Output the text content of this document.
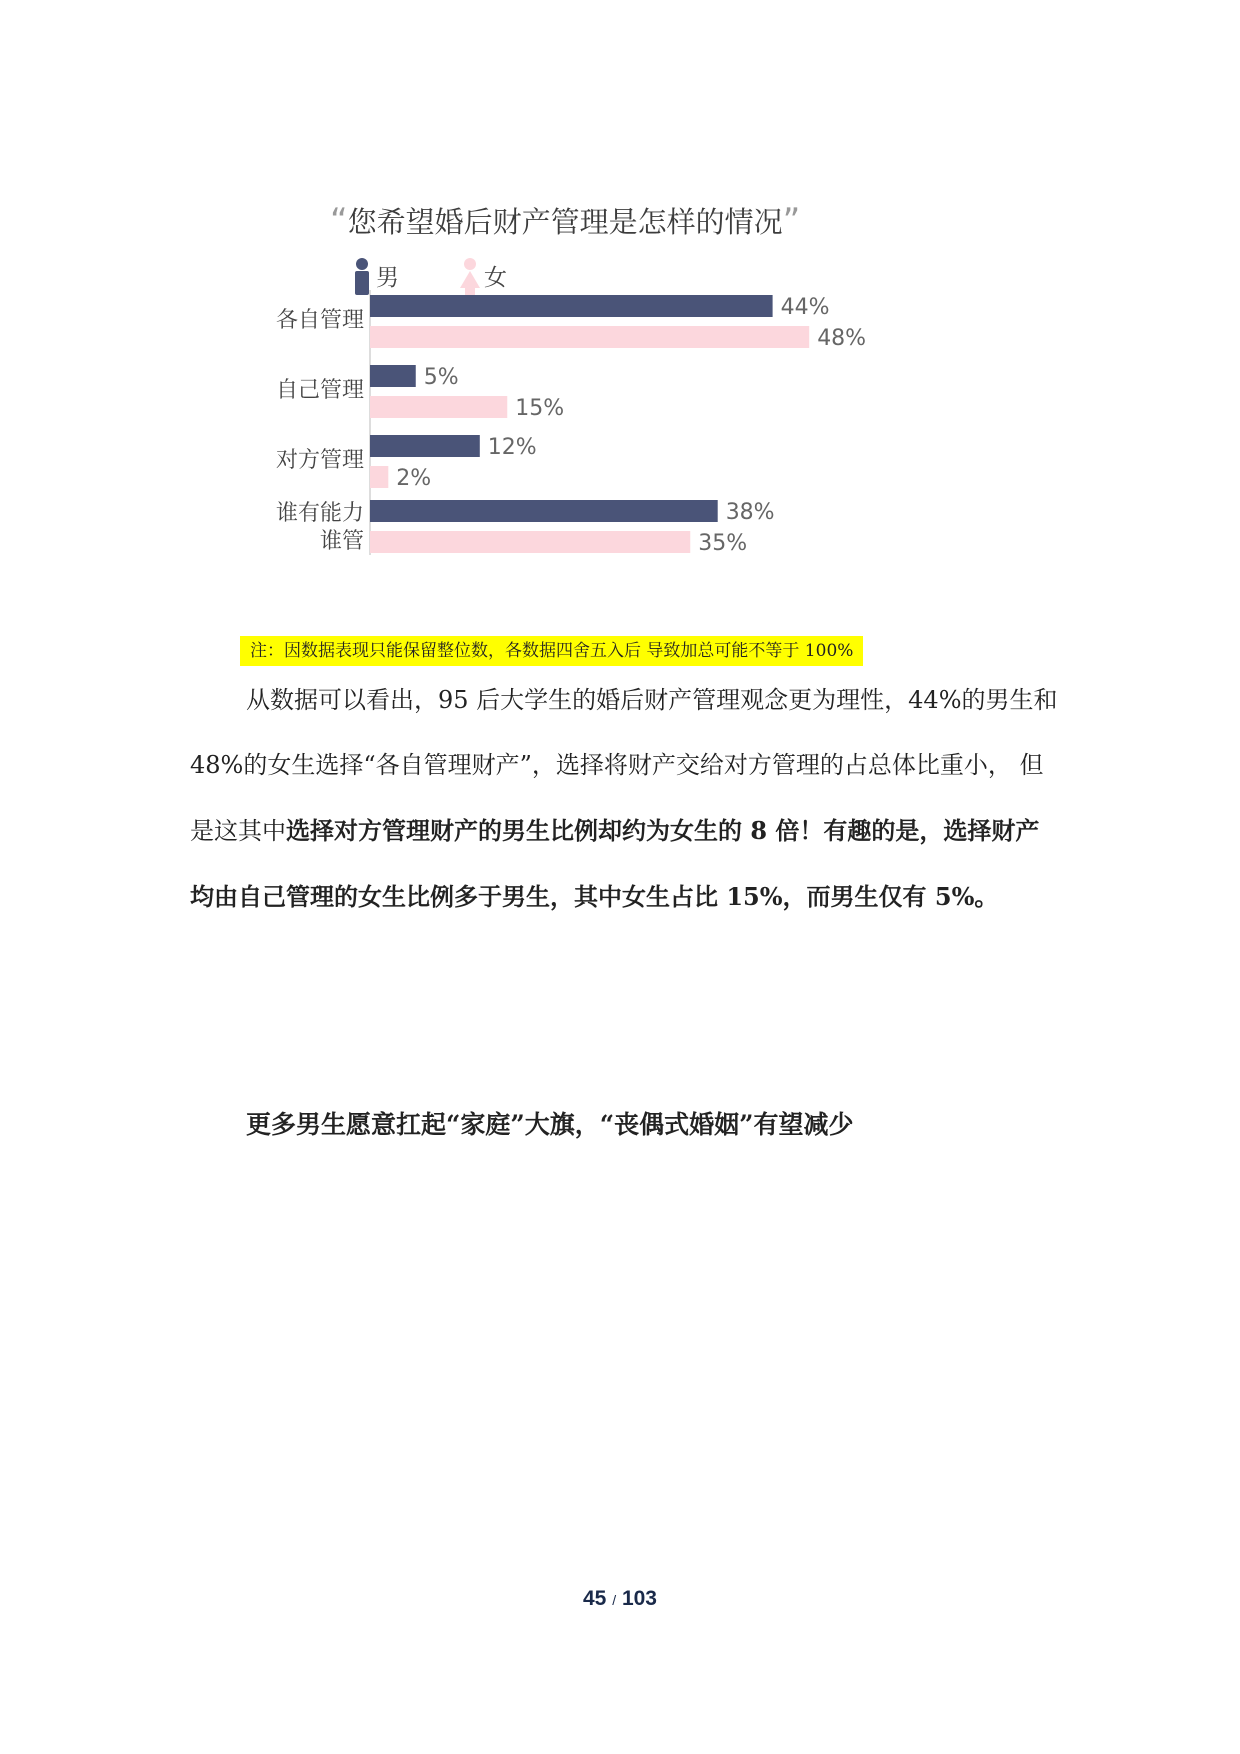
“您希望婚后财产管理是怎样的情况”
男	女
各自管理
44%
48%
自己管理
5%
15%
对方管理
12%
2%
谁有能力
谁管
38%
35%
注：因数据表现只能保留整位数，各数据四舍五入后 导致加总可能不等于 100%

从数据可以看出，95 后大学生的婚后财产管理观念更为理性，44%的男生和 48%的女生选择“各自管理财产”，选择将财产交给对方管理的占总体比重小， 但是这其中选择对方管理财产的男生比例却约为女生的 8 倍！有趣的是，选择财产均由自己管理的女生比例多于男生，其中女生占比 15%，而男生仅有 5%。

更多男生愿意扛起“家庭”大旗，“丧偶式婚姻”有望减少
45 / 103
